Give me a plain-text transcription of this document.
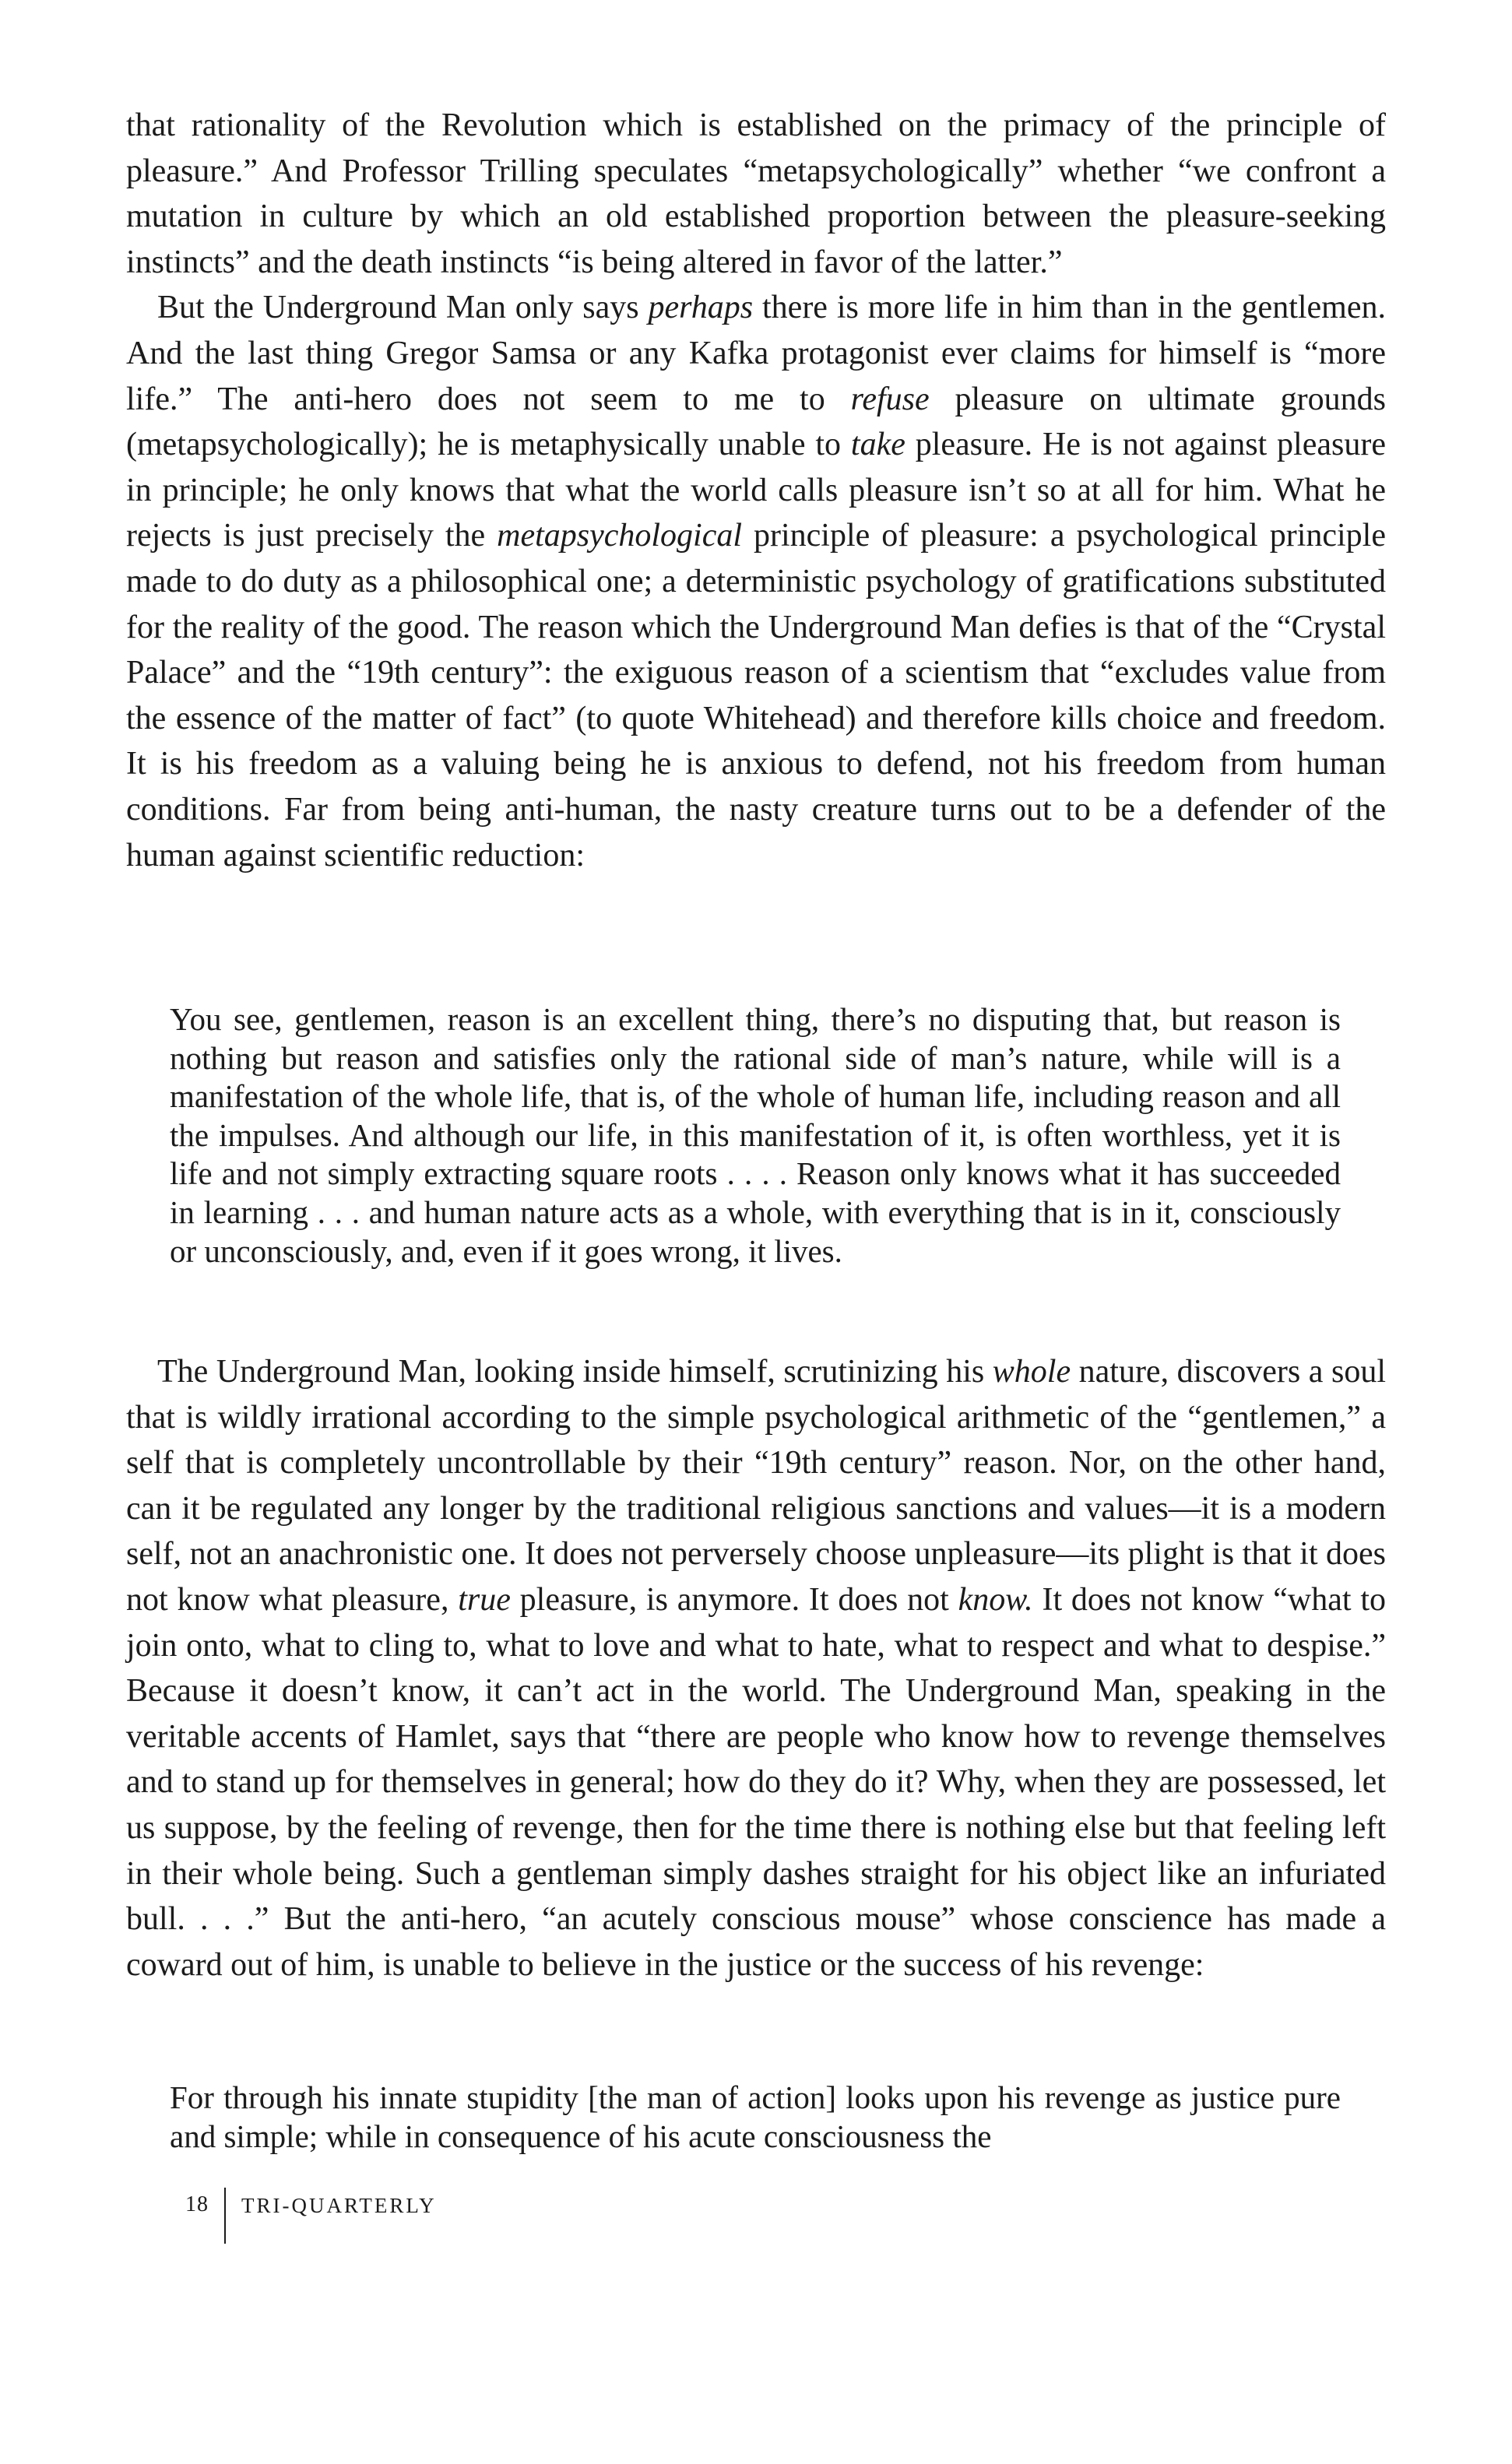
that rationality of the Revolution which is established on the primacy of the principle of pleasure.” And Professor Trilling speculates “metapsychologically” whether “we confront a mutation in culture by which an old established proportion between the pleasure-seeking instincts” and the death instincts “is being altered in favor of the latter.”

But the Underground Man only says perhaps there is more life in him than in the gentlemen. And the last thing Gregor Samsa or any Kafka protagonist ever claims for himself is “more life.” The anti-hero does not seem to me to refuse pleasure on ultimate grounds (metapsychologically); he is metaphysically unable to take pleasure. He is not against pleasure in principle; he only knows that what the world calls pleasure isn’t so at all for him. What he rejects is just precisely the metapsychological principle of pleasure: a psychological principle made to do duty as a philosophical one; a deterministic psychology of gratifications substituted for the reality of the good. The reason which the Underground Man defies is that of the “Crystal Palace” and the “19th century”: the exiguous reason of a scientism that “excludes value from the essence of the matter of fact” (to quote Whitehead) and therefore kills choice and freedom. It is his freedom as a valuing being he is anxious to defend, not his freedom from human conditions. Far from being anti-human, the nasty creature turns out to be a defender of the human against scientific reduction:

You see, gentlemen, reason is an excellent thing, there’s no disputing that, but reason is nothing but reason and satisfies only the rational side of man’s nature, while will is a manifestation of the whole life, that is, of the whole of human life, including reason and all the impulses. And although our life, in this manifestation of it, is often worthless, yet it is life and not simply extracting square roots . . . . Reason only knows what it has succeeded in learning . . . and human nature acts as a whole, with everything that is in it, consciously or unconsciously, and, even if it goes wrong, it lives.

The Underground Man, looking inside himself, scrutinizing his whole nature, discovers a soul that is wildly irrational according to the simple psychological arithmetic of the “gentlemen,” a self that is completely uncontrollable by their “19th century” reason. Nor, on the other hand, can it be regulated any longer by the traditional religious sanctions and values—it is a modern self, not an anachronistic one. It does not perversely choose unpleasure—its plight is that it does not know what pleasure, true pleasure, is anymore. It does not know. It does not know “what to join onto, what to cling to, what to love and what to hate, what to respect and what to despise.” Because it doesn’t know, it can’t act in the world. The Underground Man, speaking in the veritable accents of Hamlet, says that “there are people who know how to revenge themselves and to stand up for themselves in general; how do they do it? Why, when they are possessed, let us suppose, by the feeling of revenge, then for the time there is nothing else but that feeling left in their whole being. Such a gentleman simply dashes straight for his object like an infuriated bull. . . .” But the anti-hero, “an acutely conscious mouse” whose conscience has made a coward out of him, is unable to believe in the justice or the success of his revenge:

For through his innate stupidity [the man of action] looks upon his revenge as justice pure and simple; while in consequence of his acute consciousness the
18	TRI-QUARTERLY
